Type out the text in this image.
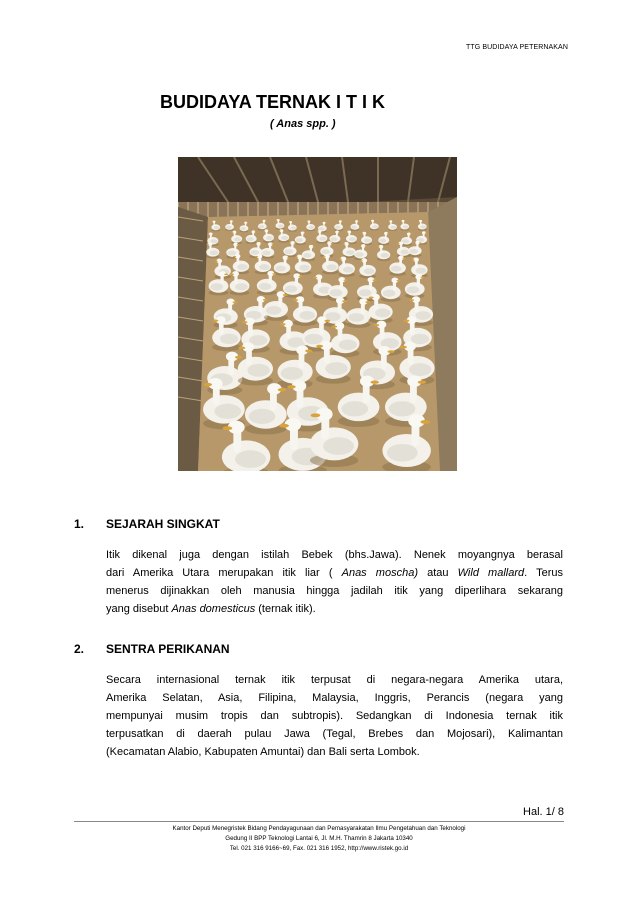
TTG BUDIDAYA PETERNAKAN
BUDIDAYA TERNAK I T I K
( Anas spp. )
1. SEJARAH SINGKAT
Itik dikenal juga dengan istilah Bebek (bhs.Jawa). Nenek moyangnya berasal
dari Amerika Utara merupakan itik liar ( Anas moscha) atau Wild mallard. Terus
menerus dijinakkan oleh manusia hingga jadilah itik yang diperlihara sekarang
yang disebut Anas domesticus (ternak itik).
2. SENTRA PERIKANAN
Secara internasional ternak itik terpusat di negara-negara Amerika utara,
Amerika Selatan, Asia, Filipina, Malaysia, Inggris, Perancis (negara yang
mempunyai musim tropis dan subtropis). Sedangkan di Indonesia ternak itik
terpusatkan di daerah pulau Jawa (Tegal, Brebes dan Mojosari), Kalimantan
(Kecamatan Alabio, Kabupaten Amuntai) dan Bali serta Lombok.
Hal. 1/ 8
Kantor Deputi Menegristek Bidang Pendayagunaan dan Pemasyarakatan Ilmu Pengetahuan dan Teknologi
Gedung II BPP Teknologi Lantai 6, Jl. M.H. Thamrin 8 Jakarta 10340
Tel. 021 316 9166~69, Fax. 021 316 1952, http://www.ristek.go.id
